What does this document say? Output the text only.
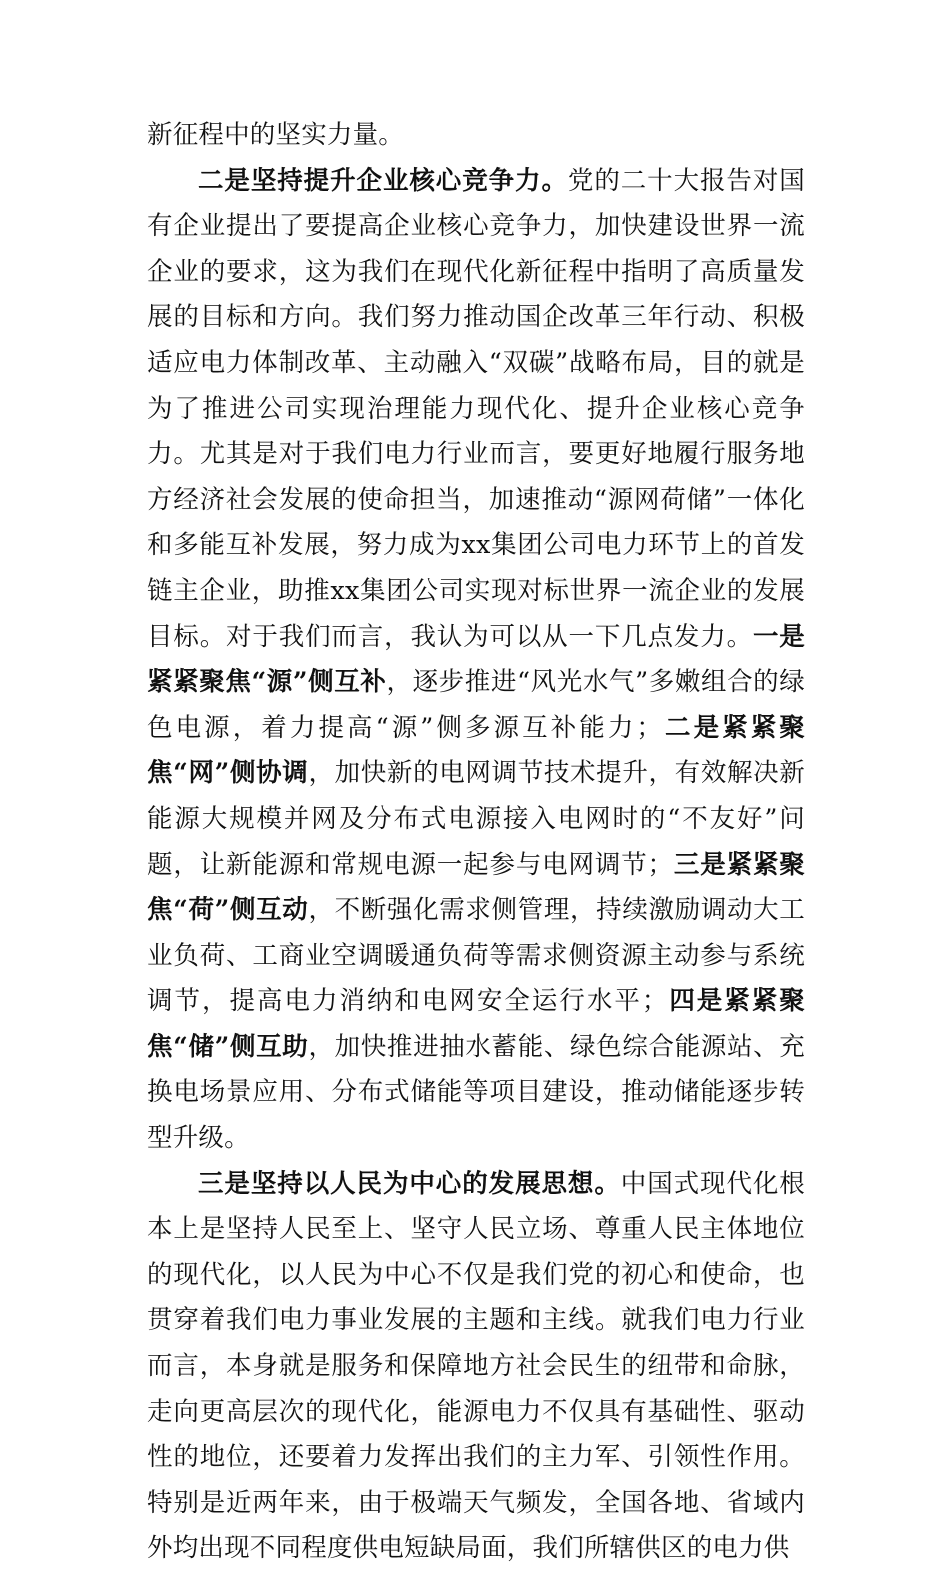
新征程中的坚实力量。

二是坚持提升企业核心竞争力。党的二十大报告对国有企业提出了要提高企业核心竞争力，加快建设世界一流企业的要求，这为我们在现代化新征程中指明了高质量发展的目标和方向。我们努力推动国企改革三年行动、积极适应电力体制改革、主动融入“双碳”战略布局，目的就是为了推进公司实现治理能力现代化、提升企业核心竞争力。尤其是对于我们电力行业而言，要更好地履行服务地方经济社会发展的使命担当，加速推动“源网荷储”一体化和多能互补发展，努力成为xx集团公司电力环节上的首发链主企业，助推xx集团公司实现对标世界一流企业的发展目标。对于我们而言，我认为可以从一下几点发力。一是紧紧聚焦“源”侧互补，逐步推进“风光水气”多嫩组合的绿色电源，着力提高“源”侧多源互补能力；二是紧紧聚焦“网”侧协调，加快新的电网调节技术提升，有效解决新能源大规模并网及分布式电源接入电网时的“不友好”问题，让新能源和常规电源一起参与电网调节；三是紧紧聚焦“荷”侧互动，不断强化需求侧管理，持续激励调动大工业负荷、工商业空调暖通负荷等需求侧资源主动参与系统调节，提高电力消纳和电网安全运行水平；四是紧紧聚焦“储”侧互助，加快推进抽水蓄能、绿色综合能源站、充换电场景应用、分布式储能等项目建设，推动储能逐步转型升级。

三是坚持以人民为中心的发展思想。中国式现代化根本上是坚持人民至上、坚守人民立场、尊重人民主体地位的现代化，以人民为中心不仅是我们党的初心和使命，也贯穿着我们电力事业发展的主题和主线。就我们电力行业而言，本身就是服务和保障地方社会民生的纽带和命脉，走向更高层次的现代化，能源电力不仅具有基础性、驱动性的地位，还要着力发挥出我们的主力军、引领性作用。特别是近两年来，由于极端天气频发，全国各地、省域内外均出现不同程度供电短缺局面，我们所辖供区的电力供
